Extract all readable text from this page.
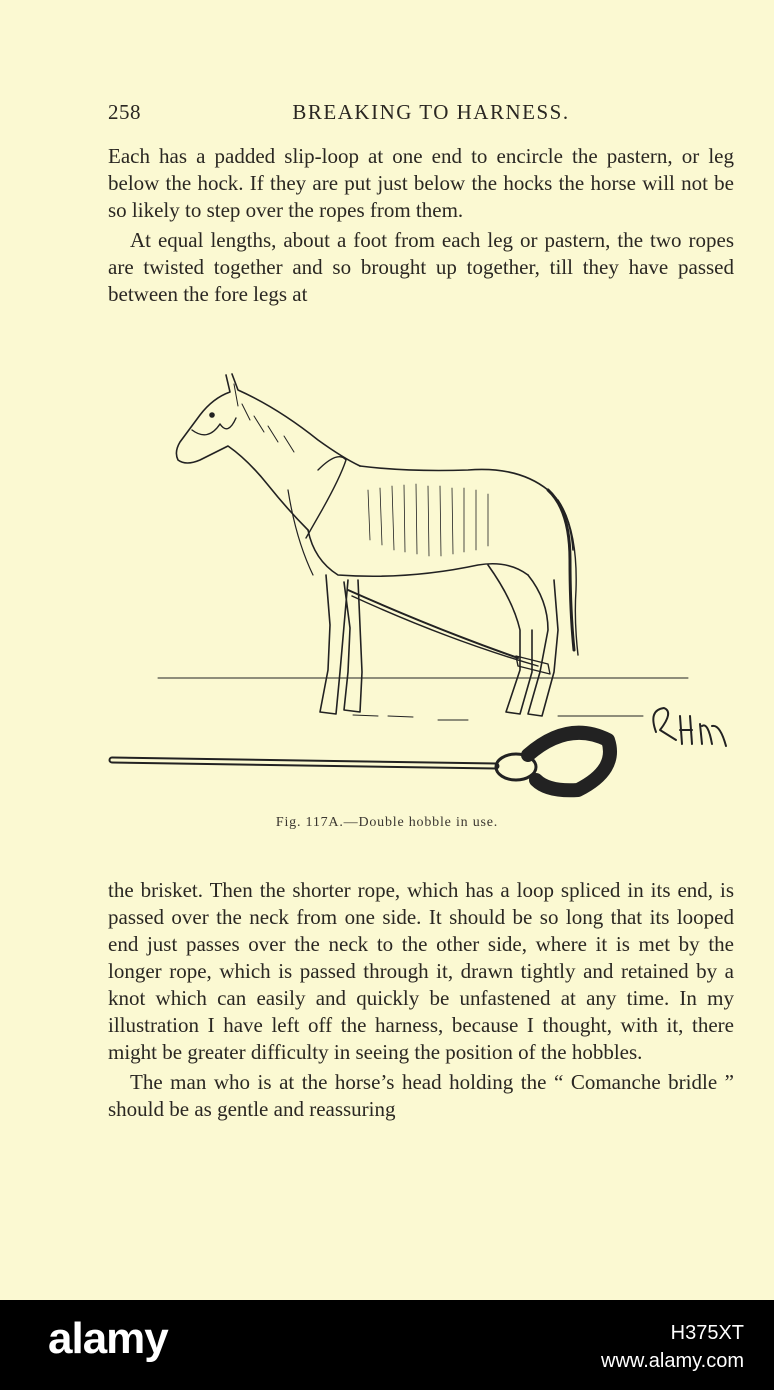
258	BREAKING TO HARNESS.

Each has a padded slip-loop at one end to encircle the pastern, or leg below the hock. If they are put just below the hocks the horse will not be so likely to step over the ropes from them.

At equal lengths, about a foot from each leg or pastern, the two ropes are twisted together and so brought up together, till they have passed between the fore legs at

Fig. 117A.—Double hobble in use.

the brisket. Then the shorter rope, which has a loop spliced in its end, is passed over the neck from one side. It should be so long that its looped end just passes over the neck to the other side, where it is met by the longer rope, which is passed through it, drawn tightly and retained by a knot which can easily and quickly be unfastened at any time. In my illustration I have left off the harness, because I thought, with it, there might be greater difficulty in seeing the position of the hobbles.

The man who is at the horse’s head holding the “ Comanche bridle ” should be as gentle and reassuring

alamy	H375XT
www.alamy.com
